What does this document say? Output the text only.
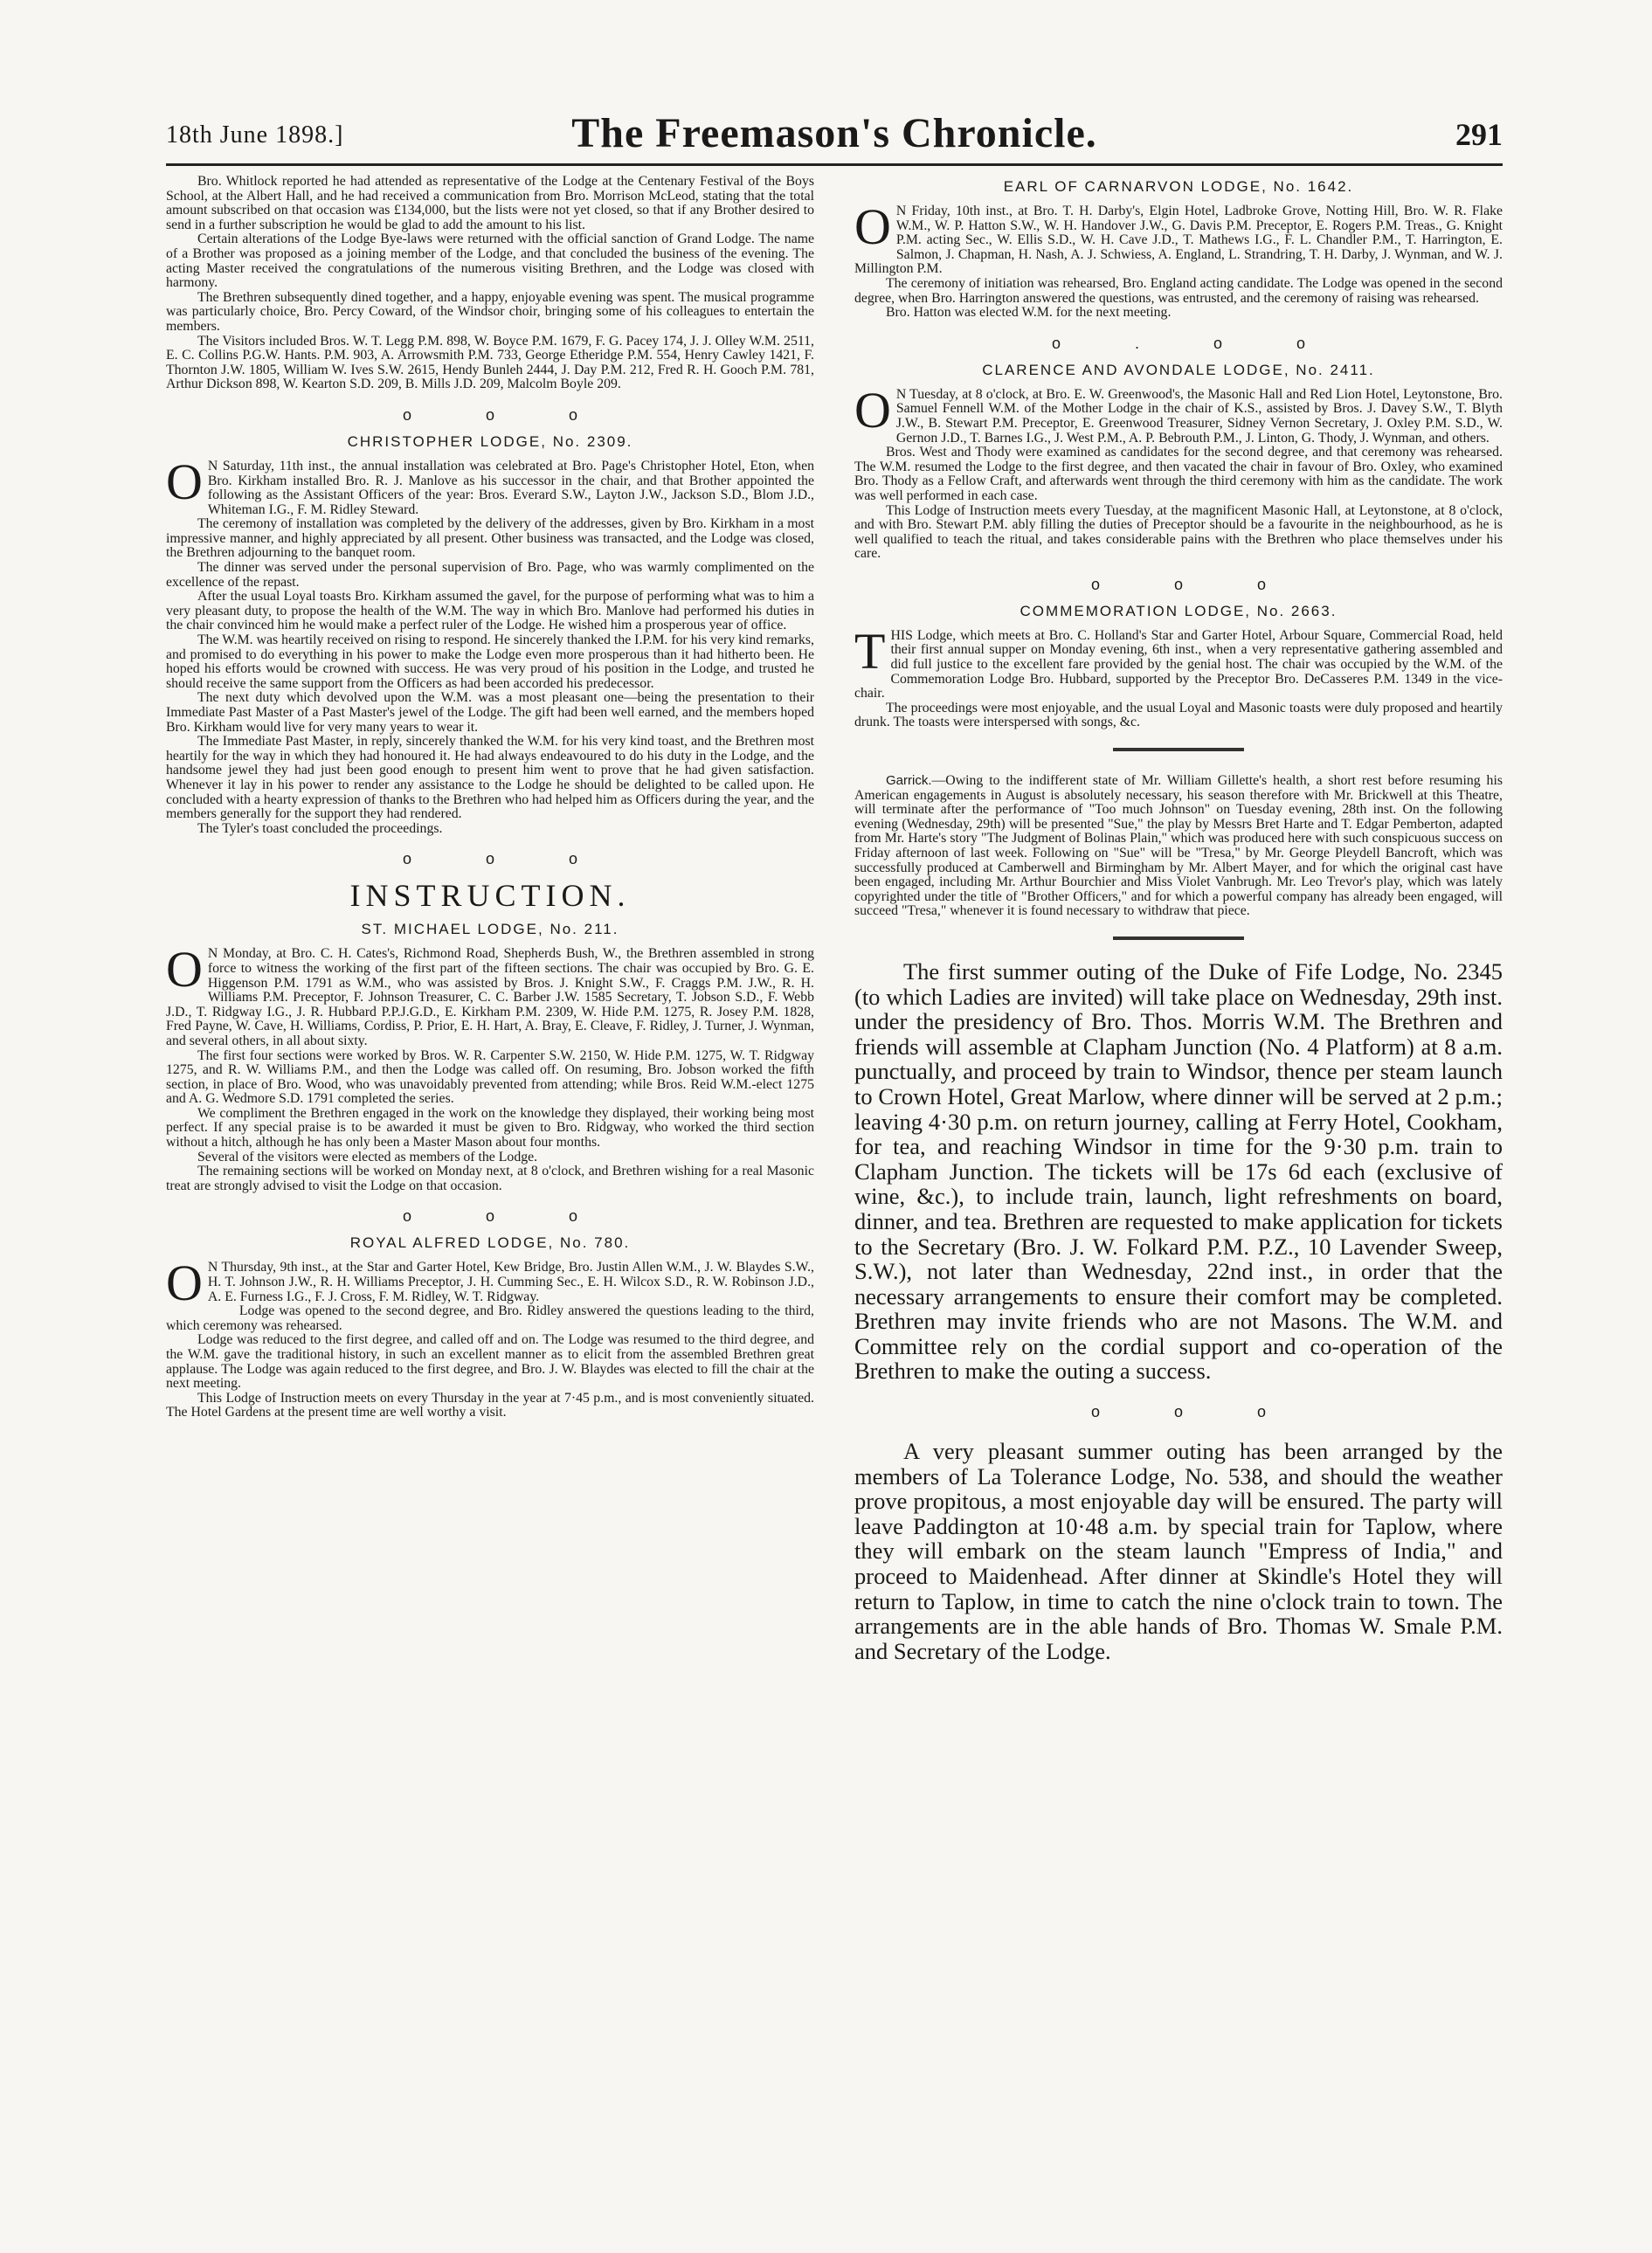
18th June 1898.]	The Freemason's Chronicle.	291

Bro. Whitlock reported he had attended as representative of the Lodge at the Centenary Festival of the Boys School, at the Albert Hall, and he had received a communication from Bro. Morrison McLeod, stating that the total amount subscribed on that occasion was £134,000, but the lists were not yet closed, so that if any Brother desired to send in a further subscription he would be glad to add the amount to his list.

Certain alterations of the Lodge Bye-laws were returned with the official sanction of Grand Lodge. The name of a Brother was proposed as a joining member of the Lodge, and that concluded the business of the evening. The acting Master received the congratulations of the numerous visiting Brethren, and the Lodge was closed with harmony.

The Brethren subsequently dined together, and a happy, enjoyable evening was spent. The musical programme was particularly choice, Bro. Percy Coward, of the Windsor choir, bringing some of his colleagues to entertain the members.

The Visitors included Bros. W. T. Legg P.M. 898, W. Boyce P.M. 1679, F. G. Pacey 174, J. J. Olley W.M. 2511, E. C. Collins P.G.W. Hants. P.M. 903, A. Arrowsmith P.M. 733, George Etheridge P.M. 554, Henry Cawley 1421, F. Thornton J.W. 1805, William W. Ives S.W. 2615, Hendy Bunleh 2444, J. Day P.M. 212, Fred R. H. Gooch P.M. 781, Arthur Dickson 898, W. Kearton S.D. 209, B. Mills J.D. 209, Malcolm Boyle 209.

o o o
CHRISTOPHER LODGE, No. 2309.

O N Saturday, 11th inst., the annual installation was celebrated at Bro. Page's Christopher Hotel, Eton, when Bro. Kirkham installed Bro. R. J. Manlove as his successor in the chair, and that Brother appointed the following as the Assistant Officers of the year: Bros. Everard S.W., Layton J.W., Jackson S.D., Blom J.D., Whiteman I.G., F. M. Ridley Steward.

The ceremony of installation was completed by the delivery of the addresses, given by Bro. Kirkham in a most impressive manner, and highly appreciated by all present. Other business was transacted, and the Lodge was closed, the Brethren adjourning to the banquet room.

The dinner was served under the personal supervision of Bro. Page, who was warmly complimented on the excellence of the repast.

After the usual Loyal toasts Bro. Kirkham assumed the gavel, for the purpose of performing what was to him a very pleasant duty, to propose the health of the W.M. The way in which Bro. Manlove had performed his duties in the chair convinced him he would make a perfect ruler of the Lodge. He wished him a prosperous year of office.

The W.M. was heartily received on rising to respond. He sincerely thanked the I.P.M. for his very kind remarks, and promised to do everything in his power to make the Lodge even more prosperous than it had hitherto been. He hoped his efforts would be crowned with success. He was very proud of his position in the Lodge, and trusted he should receive the same support from the Officers as had been accorded his predecessor.

The next duty which devolved upon the W.M. was a most pleasant one—being the presentation to their Immediate Past Master of a Past Master's jewel of the Lodge. The gift had been well earned, and the members hoped Bro. Kirkham would live for very many years to wear it.

The Immediate Past Master, in reply, sincerely thanked the W.M. for his very kind toast, and the Brethren most heartily for the way in which they had honoured it. He had always endeavoured to do his duty in the Lodge, and the handsome jewel they had just been good enough to present him went to prove that he had given satisfaction. Whenever it lay in his power to render any assistance to the Lodge he should be delighted to be called upon. He concluded with a hearty expression of thanks to the Brethren who had helped him as Officers during the year, and the members generally for the support they had rendered.

The Tyler's toast concluded the proceedings.

o o o
INSTRUCTION.
ST. MICHAEL LODGE, No. 211.

O N Monday, at Bro. C. H. Cates's, Richmond Road, Shepherds Bush, W., the Brethren assembled in strong force to witness the working of the first part of the fifteen sections. The chair was occupied by Bro. G. E. Higgenson P.M. 1791 as W.M., who was assisted by Bros. J. Knight S.W., F. Craggs P.M. J.W., R. H. Williams P.M. Preceptor, F. Johnson Treasurer, C. C. Barber J.W. 1585 Secretary, T. Jobson S.D., F. Webb J.D., T. Ridgway I.G., J. R. Hubbard P.P.J.G.D., E. Kirkham P.M. 2309, W. Hide P.M. 1275, R. Josey P.M. 1828, Fred Payne, W. Cave, H. Williams, Cordiss, P. Prior, E. H. Hart, A. Bray, E. Cleave, F. Ridley, J. Turner, J. Wynman, and several others, in all about sixty.

The first four sections were worked by Bros. W. R. Carpenter S.W. 2150, W. Hide P.M. 1275, W. T. Ridgway 1275, and R. W. Williams P.M., and then the Lodge was called off. On resuming, Bro. Jobson worked the fifth section, in place of Bro. Wood, who was unavoidably prevented from attending; while Bros. Reid W.M.-elect 1275 and A. G. Wedmore S.D. 1791 completed the series.

We compliment the Brethren engaged in the work on the knowledge they displayed, their working being most perfect. If any special praise is to be awarded it must be given to Bro. Ridgway, who worked the third section without a hitch, although he has only been a Master Mason about four months.

Several of the visitors were elected as members of the Lodge.

The remaining sections will be worked on Monday next, at 8 o'clock, and Brethren wishing for a real Masonic treat are strongly advised to visit the Lodge on that occasion.

o o o
ROYAL ALFRED LODGE, No. 780.

O N Thursday, 9th inst., at the Star and Garter Hotel, Kew Bridge, Bro. Justin Allen W.M., J. W. Blaydes S.W., H. T. Johnson J.W., R. H. Williams Preceptor, J. H. Cumming Sec., E. H. Wilcox S.D., R. W. Robinson J.D., A. E. Furness I.G., F. J. Cross, F. M. Ridley, W. T. Ridgway.

Lodge was opened to the second degree, and Bro. Ridley answered the questions leading to the third, which ceremony was rehearsed.

Lodge was reduced to the first degree, and called off and on. The Lodge was resumed to the third degree, and the W.M. gave the traditional history, in such an excellent manner as to elicit from the assembled Brethren great applause. The Lodge was again reduced to the first degree, and Bro. J. W. Blaydes was elected to fill the chair at the next meeting.

This Lodge of Instruction meets on every Thursday in the year at 7·45 p.m., and is most conveniently situated. The Hotel Gardens at the present time are well worthy a visit.

EARL OF CARNARVON LODGE, No. 1642.

O N Friday, 10th inst., at Bro. T. H. Darby's, Elgin Hotel, Ladbroke Grove, Notting Hill, Bro. W. R. Flake W.M., W. P. Hatton S.W., W. H. Handover J.W., G. Davis P.M. Preceptor, E. Rogers P.M. Treas., G. Knight P.M. acting Sec., W. Ellis S.D., W. H. Cave J.D., T. Mathews I.G., F. L. Chandler P.M., T. Harrington, E. Salmon, J. Chapman, H. Nash, A. J. Schwiess, A. England, L. Strandring, T. H. Darby, J. Wynman, and W. J. Millington P.M.

The ceremony of initiation was rehearsed, Bro. England acting candidate. The Lodge was opened in the second degree, when Bro. Harrington answered the questions, was entrusted, and the ceremony of raising was rehearsed.

Bro. Hatton was elected W.M. for the next meeting.

o . o o
CLARENCE AND AVONDALE LODGE, No. 2411.

O N Tuesday, at 8 o'clock, at Bro. E. W. Greenwood's, the Masonic Hall and Red Lion Hotel, Leytonstone, Bro. Samuel Fennell W.M. of the Mother Lodge in the chair of K.S., assisted by Bros. J. Davey S.W., T. Blyth J.W., B. Stewart P.M. Preceptor, E. Greenwood Treasurer, Sidney Vernon Secretary, J. Oxley P.M. S.D., W. Gernon J.D., T. Barnes I.G., J. West P.M., A. P. Bebrouth P.M., J. Linton, G. Thody, J. Wynman, and others.

Bros. West and Thody were examined as candidates for the second degree, and that ceremony was rehearsed. The W.M. resumed the Lodge to the first degree, and then vacated the chair in favour of Bro. Oxley, who examined Bro. Thody as a Fellow Craft, and afterwards went through the third ceremony with him as the candidate. The work was well performed in each case.

This Lodge of Instruction meets every Tuesday, at the magnificent Masonic Hall, at Leytonstone, at 8 o'clock, and with Bro. Stewart P.M. ably filling the duties of Preceptor should be a favourite in the neighbourhood, as he is well qualified to teach the ritual, and takes considerable pains with the Brethren who place themselves under his care.

o o o
COMMEMORATION LODGE, No. 2663.

THIS Lodge, which meets at Bro. C. Holland's Star and Garter Hotel, Arbour Square, Commercial Road, held their first annual supper on Monday evening, 6th inst., when a very representative gathering assembled and did full justice to the excellent fare provided by the genial host. The chair was occupied by the W.M. of the Commemoration Lodge Bro. Hubbard, supported by the Preceptor Bro. DeCasseres P.M. 1349 in the vice-chair.

The proceedings were most enjoyable, and the usual Loyal and Masonic toasts were duly proposed and heartily drunk. The toasts were interspersed with songs, &c.

Garrick.—Owing to the indifferent state of Mr. William Gillette's health, a short rest before resuming his American engagements in August is absolutely necessary, his season therefore with Mr. Brickwell at this Theatre, will terminate after the performance of "Too much Johnson" on Tuesday evening, 28th inst. On the following evening (Wednesday, 29th) will be presented "Sue," the play by Messrs Bret Harte and T. Edgar Pemberton, adapted from Mr. Harte's story "The Judgment of Bolinas Plain," which was produced here with such conspicuous success on Friday afternoon of last week. Following on "Sue" will be "Tresa," by Mr. George Pleydell Bancroft, which was successfully produced at Camberwell and Birmingham by Mr. Albert Mayer, and for which the original cast have been engaged, including Mr. Arthur Bourchier and Miss Violet Vanbrugh. Mr. Leo Trevor's play, which was lately copyrighted under the title of "Brother Officers," and for which a powerful company has already been engaged, will succeed "Tresa," whenever it is found necessary to withdraw that piece.

The first summer outing of the Duke of Fife Lodge, No. 2345 (to which Ladies are invited) will take place on Wednesday, 29th inst. under the presidency of Bro. Thos. Morris W.M. The Brethren and friends will assemble at Clapham Junction (No. 4 Platform) at 8 a.m. punctually, and proceed by train to Windsor, thence per steam launch to Crown Hotel, Great Marlow, where dinner will be served at 2 p.m.; leaving 4·30 p.m. on return journey, calling at Ferry Hotel, Cookham, for tea, and reaching Windsor in time for the 9·30 p.m. train to Clapham Junction. The tickets will be 17s 6d each (exclusive of wine, &c.), to include train, launch, light refreshments on board, dinner, and tea. Brethren are requested to make application for tickets to the Secretary (Bro. J. W. Folkard P.M. P.Z., 10 Lavender Sweep, S.W.), not later than Wednesday, 22nd inst., in order that the necessary arrangements to ensure their comfort may be completed. Brethren may invite friends who are not Masons. The W.M. and Committee rely on the cordial support and co-operation of the Brethren to make the outing a success.

o o o

A very pleasant summer outing has been arranged by the members of La Tolerance Lodge, No. 538, and should the weather prove propitous, a most enjoyable day will be ensured. The party will leave Paddington at 10·48 a.m. by special train for Taplow, where they will embark on the steam launch "Empress of India," and proceed to Maidenhead. After dinner at Skindle's Hotel they will return to Taplow, in time to catch the nine o'clock train to town. The arrangements are in the able hands of Bro. Thomas W. Smale P.M. and Secretary of the Lodge.
